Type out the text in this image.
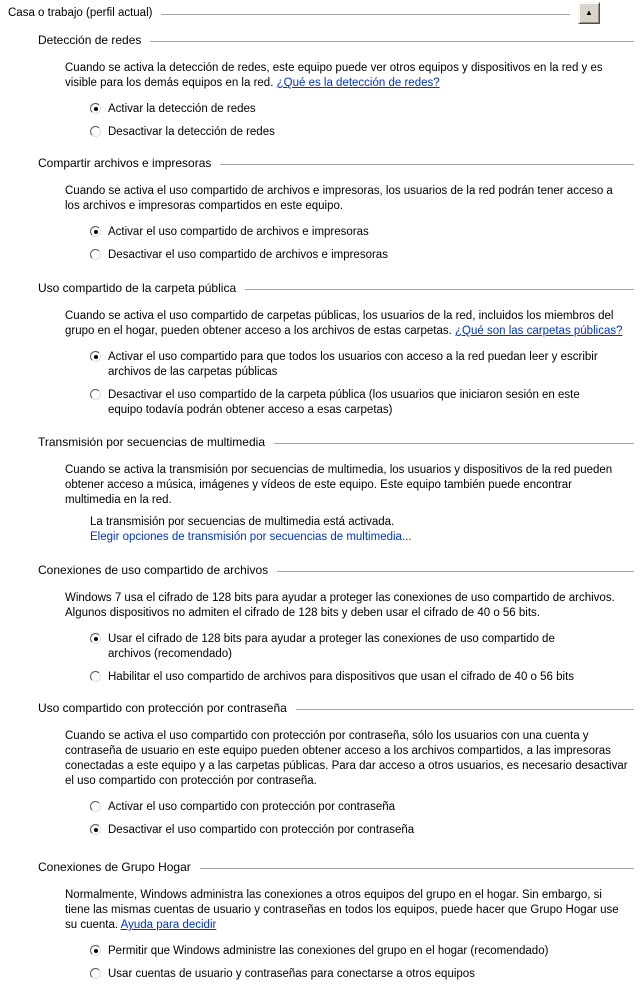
Casa o trabajo (perfil actual)	▲
Detección de redes

Cuando se activa la detección de redes, este equipo puede ver otros equipos y dispositivos en la red y es visible para los demás equipos en la red. ¿Qué es la detección de redes?

Activar la detección de redes
Desactivar la detección de redes
Compartir archivos e impresoras

Cuando se activa el uso compartido de archivos e impresoras, los usuarios de la red podrán tener acceso a los archivos e impresoras compartidos en este equipo.

Activar el uso compartido de archivos e impresoras
Desactivar el uso compartido de archivos e impresoras
Uso compartido de la carpeta pública

Cuando se activa el uso compartido de carpetas públicas, los usuarios de la red, incluidos los miembros del grupo en el hogar, pueden obtener acceso a los archivos de estas carpetas. ¿Qué son las carpetas públicas?

Activar el uso compartido para que todos los usuarios con acceso a la red puedan leer y escribir archivos de las carpetas públicas
Desactivar el uso compartido de la carpeta pública (los usuarios que iniciaron sesión en este equipo todavía podrán obtener acceso a esas carpetas)
Transmisión por secuencias de multimedia

Cuando se activa la transmisión por secuencias de multimedia, los usuarios y dispositivos de la red pueden obtener acceso a música, imágenes y vídeos de este equipo. Este equipo también puede encontrar multimedia en la red.

La transmisión por secuencias de multimedia está activada.
Elegir opciones de transmisión por secuencias de multimedia...
Conexiones de uso compartido de archivos

Windows 7 usa el cifrado de 128 bits para ayudar a proteger las conexiones de uso compartido de archivos. Algunos dispositivos no admiten el cifrado de 128 bits y deben usar el cifrado de 40 o 56 bits.

Usar el cifrado de 128 bits para ayudar a proteger las conexiones de uso compartido de archivos (recomendado)
Habilitar el uso compartido de archivos para dispositivos que usan el cifrado de 40 o 56 bits
Uso compartido con protección por contraseña

Cuando se activa el uso compartido con protección por contraseña, sólo los usuarios con una cuenta y contraseña de usuario en este equipo pueden obtener acceso a los archivos compartidos, a las impresoras conectadas a este equipo y a las carpetas públicas. Para dar acceso a otros usuarios, es necesario desactivar el uso compartido con protección por contraseña.

Activar el uso compartido con protección por contraseña
Desactivar el uso compartido con protección por contraseña
Conexiones de Grupo Hogar

Normalmente, Windows administra las conexiones a otros equipos del grupo en el hogar. Sin embargo, si tiene las mismas cuentas de usuario y contraseñas en todos los equipos, puede hacer que Grupo Hogar use su cuenta. Ayuda para decidir

Permitir que Windows administre las conexiones del grupo en el hogar (recomendado)
Usar cuentas de usuario y contraseñas para conectarse a otros equipos
